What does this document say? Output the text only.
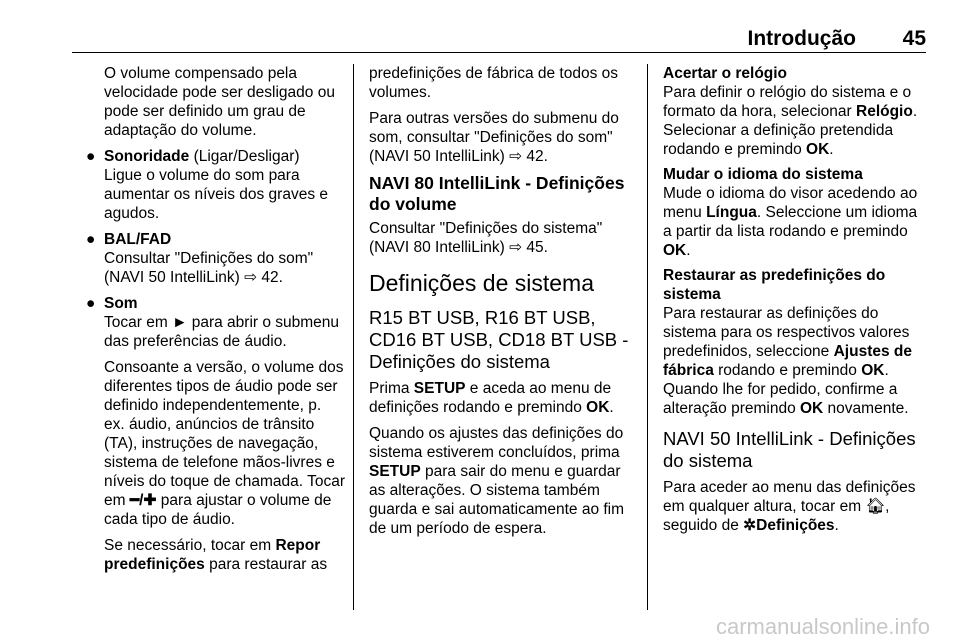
Introdução	45

O volume compensado pela velocidade pode ser desligado ou pode ser definido um grau de adaptação do volume.

● Sonoridade (Ligar/Desligar)

Ligue o volume do som para aumentar os níveis dos graves e agudos.

● BAL/FAD

Consultar "Definições do som" (NAVI 50 IntelliLink) ⇨ 42.

● Som

Tocar em ► para abrir o submenu das preferências de áudio.

Consoante a versão, o volume dos diferentes tipos de áudio pode ser definido independentemente, p. ex. áudio, anúncios de trânsito (TA), instruções de navegação, sistema de telefone mãos-livres e níveis do toque de chamada. Tocar em ━/✚ para ajustar o volume de cada tipo de áudio.

Se necessário, tocar em Repor predefinições para restaurar as

predefinições de fábrica de todos os volumes.

Para outras versões do submenu do som, consultar "Definições do som" (NAVI 50 IntelliLink) ⇨ 42.

NAVI 80 IntelliLink - Definições do volume

Consultar "Definições do sistema" (NAVI 80 IntelliLink) ⇨ 45.

Definições de sistema
R15 BT USB, R16 BT USB, CD16 BT USB, CD18 BT USB - Definições do sistema

Prima SETUP e aceda ao menu de definições rodando e premindo OK.

Quando os ajustes das definições do sistema estiverem concluídos, prima SETUP para sair do menu e guardar as alterações. O sistema também guarda e sai automaticamente ao fim de um período de espera.

Acertar o relógio
Para definir o relógio do sistema e o formato da hora, selecionar Relógio.
Selecionar a definição pretendida rodando e premindo OK.

Mudar o idioma do sistema
Mude o idioma do visor acedendo ao menu Língua. Seleccione um idioma a partir da lista rodando e premindo OK.

Restaurar as predefinições do sistema
Para restaurar as definições do sistema para os respectivos valores predefinidos, seleccione Ajustes de fábrica rodando e premindo OK.
Quando lhe for pedido, confirme a alteração premindo OK novamente.

NAVI 50 IntelliLink - Definições do sistema

Para aceder ao menu das definições em qualquer altura, tocar em 🏠︎,
seguido de ✲Definições.

carmanualsonline.info
